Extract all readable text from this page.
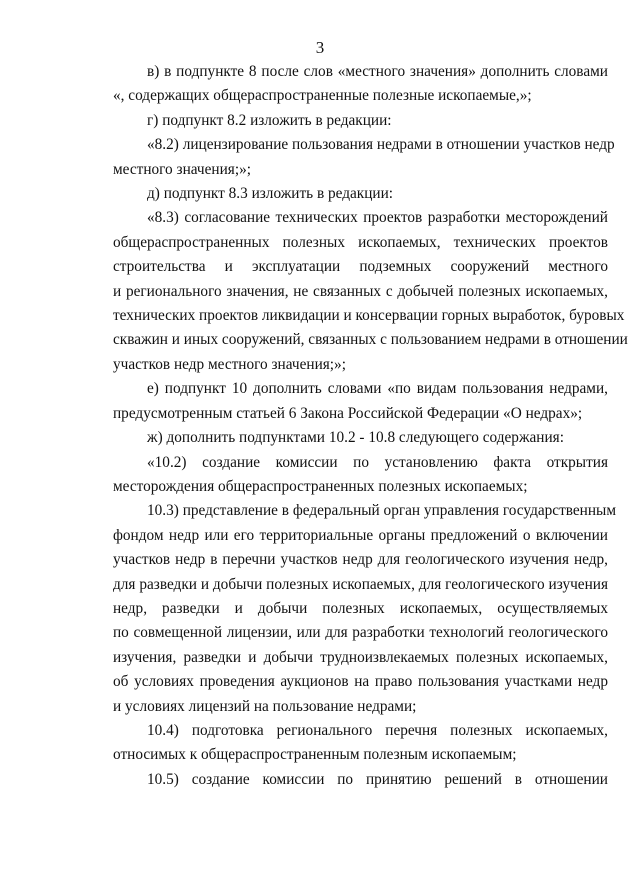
3
в) в подпункте 8 после слов «местного значения» дополнить словами
«, содержащих общераспространенные полезные ископаемые,»;
г) подпункт 8.2 изложить в редакции:
«8.2) лицензирование пользования недрами в отношении участков недр
местного значения;»;
д) подпункт 8.3 изложить в редакции:
«8.3) согласование технических проектов разработки месторождений
общераспространенных полезных ископаемых, технических проектов
строительства и эксплуатации подземных сооружений местного
и регионального значения, не связанных с добычей полезных ископаемых,
технических проектов ликвидации и консервации горных выработок, буровых
скважин и иных сооружений, связанных с пользованием недрами в отношении
участков недр местного значения;»;
е) подпункт 10 дополнить словами «по видам пользования недрами,
предусмотренным статьей 6 Закона Российской Федерации «О недрах»;
ж) дополнить подпунктами 10.2 - 10.8 следующего содержания:
«10.2) создание комиссии по установлению факта открытия
месторождения общераспространенных полезных ископаемых;
10.3) представление в федеральный орган управления государственным
фондом недр или его территориальные органы предложений о включении
участков недр в перечни участков недр для геологического изучения недр,
для разведки и добычи полезных ископаемых, для геологического изучения
недр, разведки и добычи полезных ископаемых, осуществляемых
по совмещенной лицензии, или для разработки технологий геологического
изучения, разведки и добычи трудноизвлекаемых полезных ископаемых,
об условиях проведения аукционов на право пользования участками недр
и условиях лицензий на пользование недрами;
10.4) подготовка регионального перечня полезных ископаемых,
относимых к общераспространенным полезным ископаемым;
10.5) создание комиссии по принятию решений в отношении
